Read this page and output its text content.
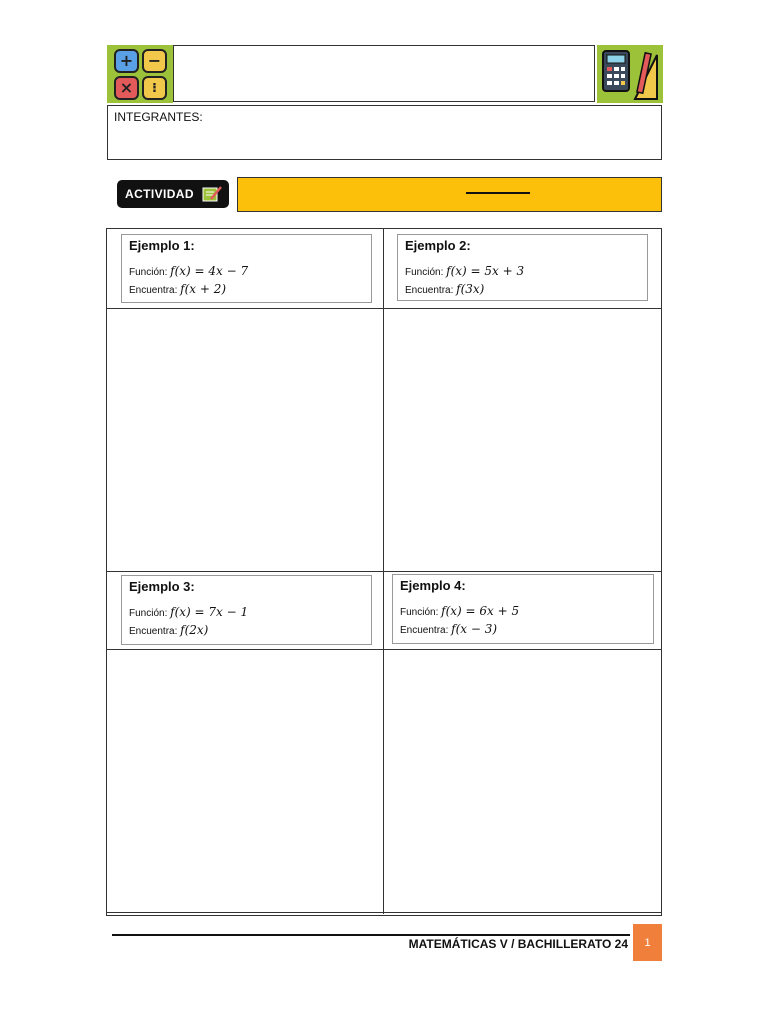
+ −
×	⁝
INTEGRANTES:
ACTIVIDAD
Ejemplo 1:
Función: f(x) = 4x − 7
Encuentra: f(x + 2)
Ejemplo 2:
Función: f(x) = 5x + 3
Encuentra: f(3x)
Ejemplo 3:
Función: f(x) = 7x − 1
Encuentra: f(2x)
Ejemplo 4:
Función: f(x) = 6x + 5
Encuentra: f(x − 3)
MATEMÁTICAS V / BACHILLERATO 24	1
